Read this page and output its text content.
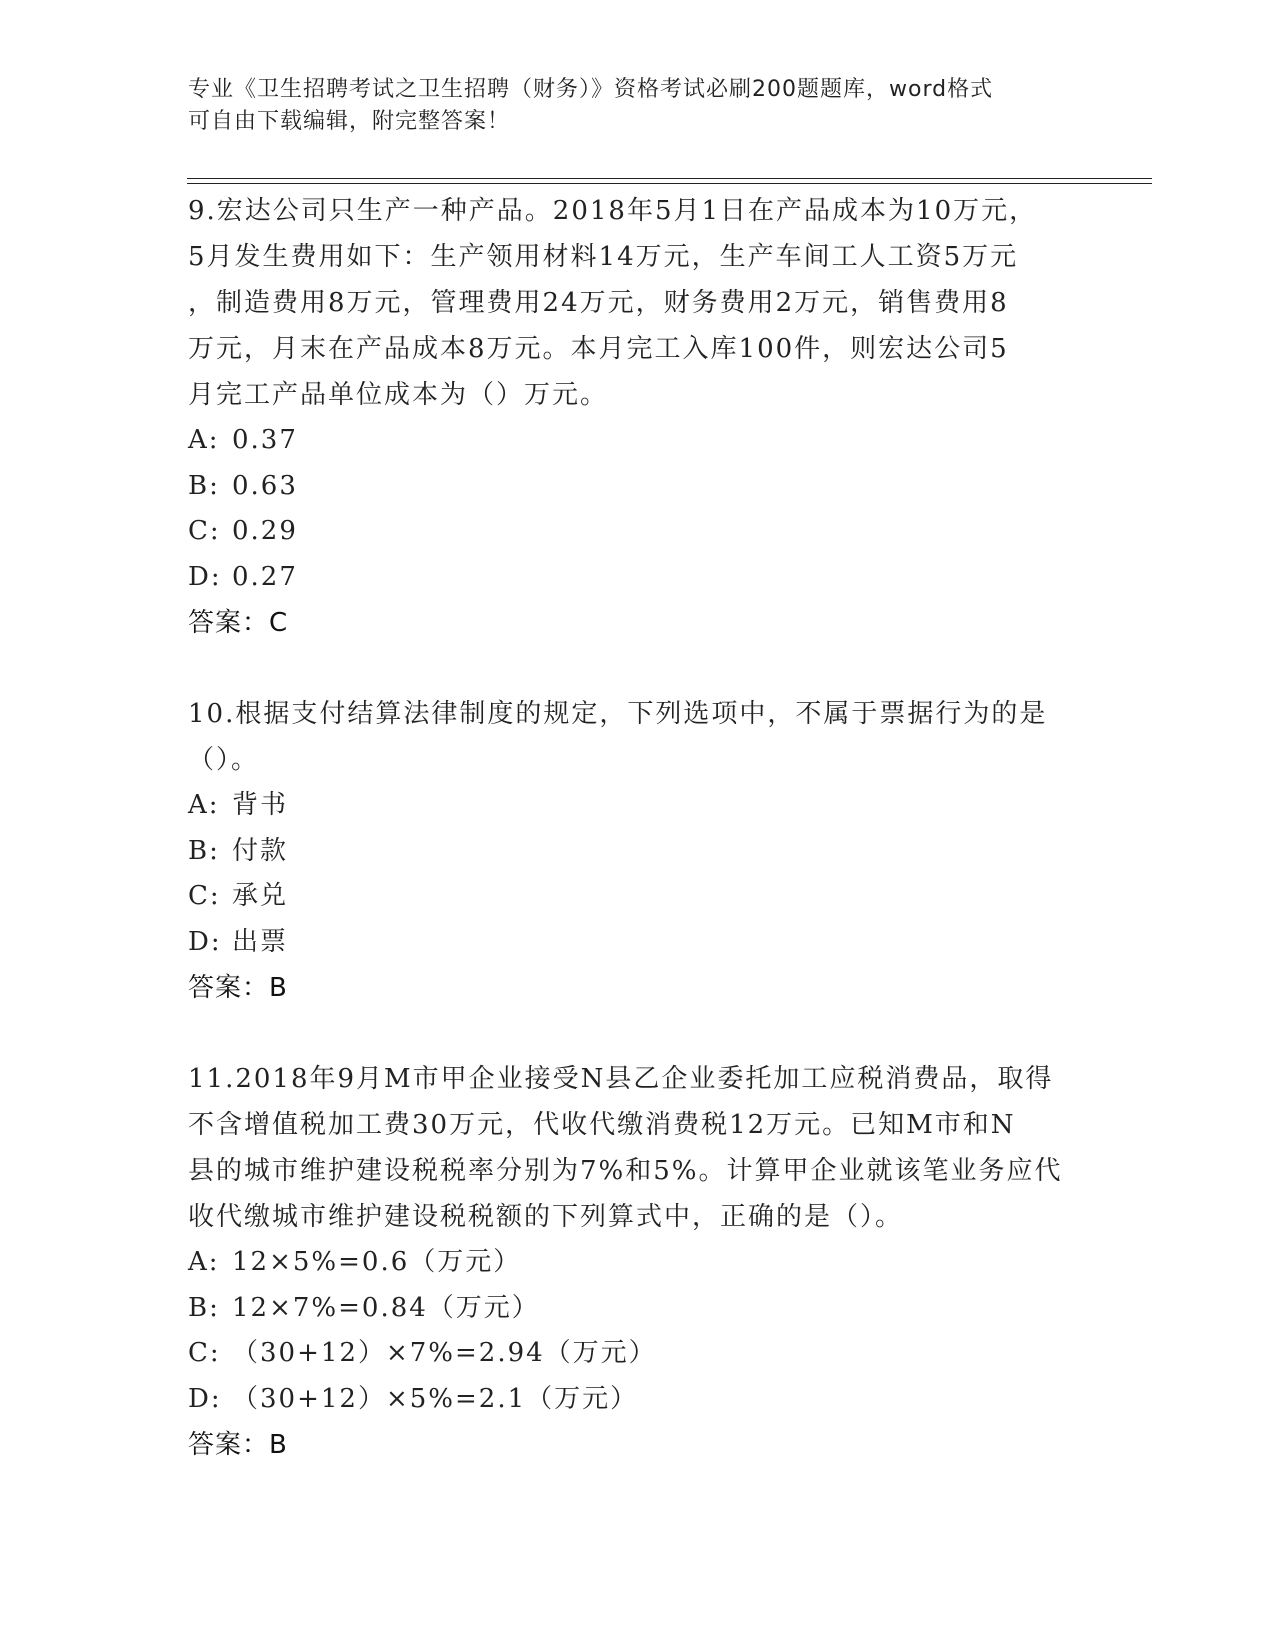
专业《卫生招聘考试之卫生招聘（财务）》资格考试必刷200题题库，word格式
可自由下载编辑，附完整答案！
9.宏达公司只生产一种产品。2018年5月1日在产品成本为10万元，
5月发生费用如下：生产领用材料14万元，生产车间工人工资5万元
，制造费用8万元，管理费用24万元，财务费用2万元，销售费用8
万元，月末在产品成本8万元。本月完工入库100件，则宏达公司5
月完工产品单位成本为（）万元。
A: 0.37
B: 0.63
C: 0.29
D: 0.27
答案：C
10.根据支付结算法律制度的规定，下列选项中，不属于票据行为的是
（）。
A: 背书
B: 付款
C: 承兑
D: 出票
答案：B
11.2018年9月M市甲企业接受N县乙企业委托加工应税消费品，取得
不含增值税加工费30万元，代收代缴消费税12万元。已知M市和N
县的城市维护建设税税率分别为7%和5%。计算甲企业就该笔业务应代
收代缴城市维护建设税税额的下列算式中，正确的是（）。
A: 12×5%=0.6（万元）
B: 12×7%=0.84（万元）
C: （30+12）×7%=2.94（万元）
D: （30+12）×5%=2.1（万元）
答案：B
